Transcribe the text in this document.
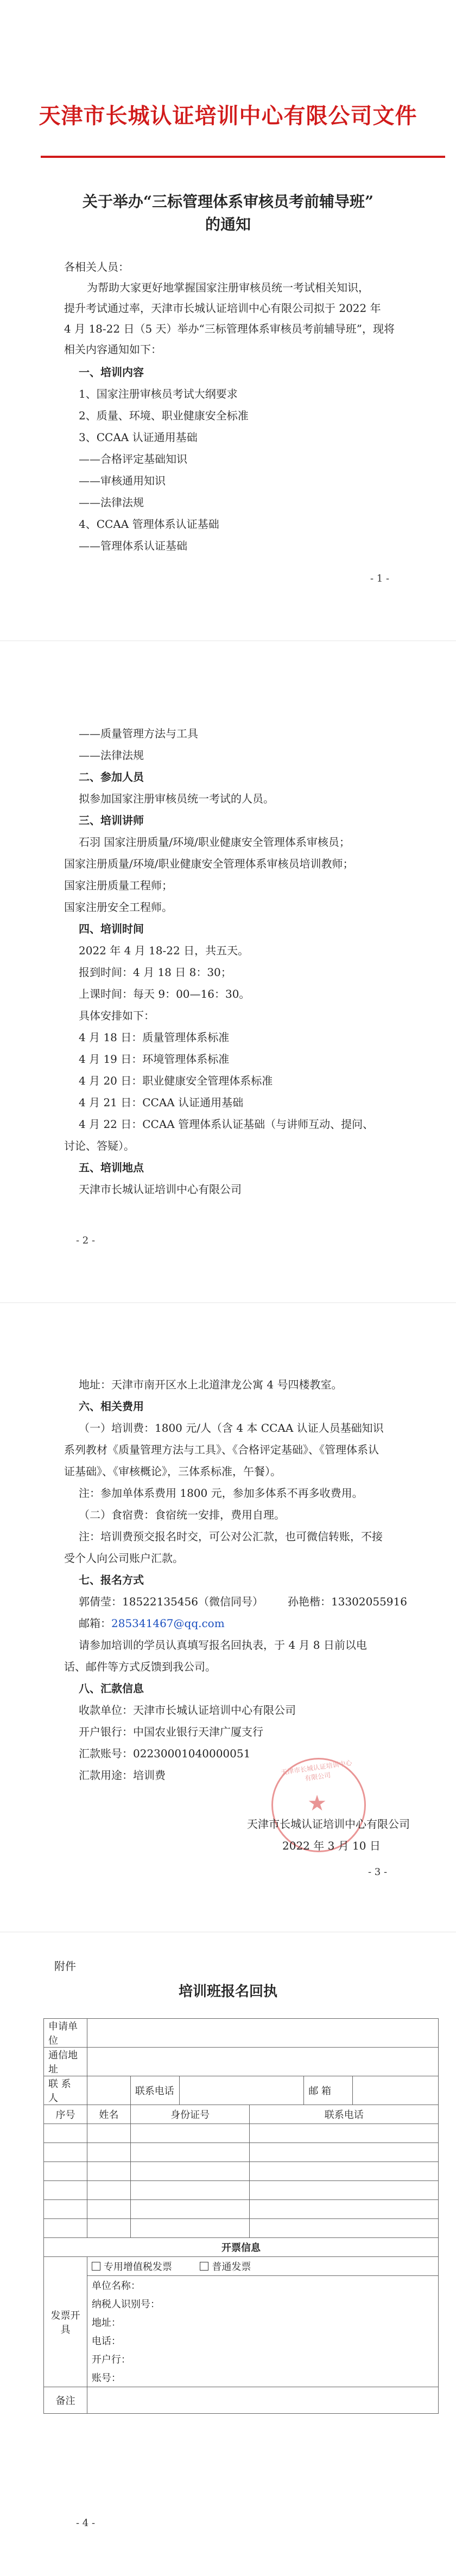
天津市长城认证培训中心有限公司文件
关于举办“三标管理体系审核员考前辅导班”
的通知
各相关人员：
为帮助大家更好地掌握国家注册审核员统一考试相关知识，
提升考试通过率，天津市长城认证培训中心有限公司拟于 2022 年
4 月 18-22 日（5 天）举办“三标管理体系审核员考前辅导班”，现将
相关内容通知如下：
一、培训内容
1、国家注册审核员考试大纲要求
2、质量、环境、职业健康安全标准
3、CCAA 认证通用基础
——合格评定基础知识
——审核通用知识
——法律法规
4、CCAA 管理体系认证基础
——管理体系认证基础
- 1 -
——质量管理方法与工具
——法律法规
二、参加人员
拟参加国家注册审核员统一考试的人员。
三、培训讲师
石羽 国家注册质量/环境/职业健康安全管理体系审核员；
国家注册质量/环境/职业健康安全管理体系审核员培训教师；
国家注册质量工程师；
国家注册安全工程师。
四、培训时间
2022 年 4 月 18-22 日，共五天。
报到时间：4 月 18 日 8：30；
上课时间：每天 9：00—16：30。
具体安排如下：
4 月 18 日：质量管理体系标准
4 月 19 日：环境管理体系标准
4 月 20 日：职业健康安全管理体系标准
4 月 21 日：CCAA 认证通用基础
4 月 22 日：CCAA 管理体系认证基础（与讲师互动、提问、
讨论、答疑）。
五、培训地点
天津市长城认证培训中心有限公司
- 2 -
地址：天津市南开区水上北道津龙公寓 4 号四楼教室。
六、相关费用
（一）培训费：1800 元/人（含 4 本 CCAA 认证人员基础知识
系列教材《质量管理方法与工具》、《合格评定基础》、《管理体系认
证基础》、《审核概论》，三体系标准，午餐）。
注：参加单体系费用 1800 元，参加多体系不再多收费用。
（二）食宿费：食宿统一安排，费用自理。
注：培训费预交报名时交，可公对公汇款，也可微信转账，不接
受个人向公司账户汇款。
七、报名方式
郭倩莹：18522135456（微信同号） 孙艳楷：13302055916
邮箱：285341467@qq.com
请参加培训的学员认真填写报名回执表，于 4 月 8 日前以电
话、邮件等方式反馈到我公司。
八、汇款信息
收款单位：天津市长城认证培训中心有限公司
开户银行：中国农业银行天津广厦支行
汇款账号：02230001040000051
汇款用途：培训费	天津市长城认证培训中心有限公司
★
天津市长城认证培训中心有限公司
2022 年 3 月 10 日
- 3 -
附件
培训班报名回执
申请单位						
通信地址						
联 系 人		联系电话			邮 箱	
序号	姓名	身份证号		联系电话		

开票信息						
发票开具	专用增值税发票 普通发票					
	单位名称：					
	纳税人识别号：					
	地址：					
	电话：					
	开户行：					
	账号：					
备注						
- 4 -
